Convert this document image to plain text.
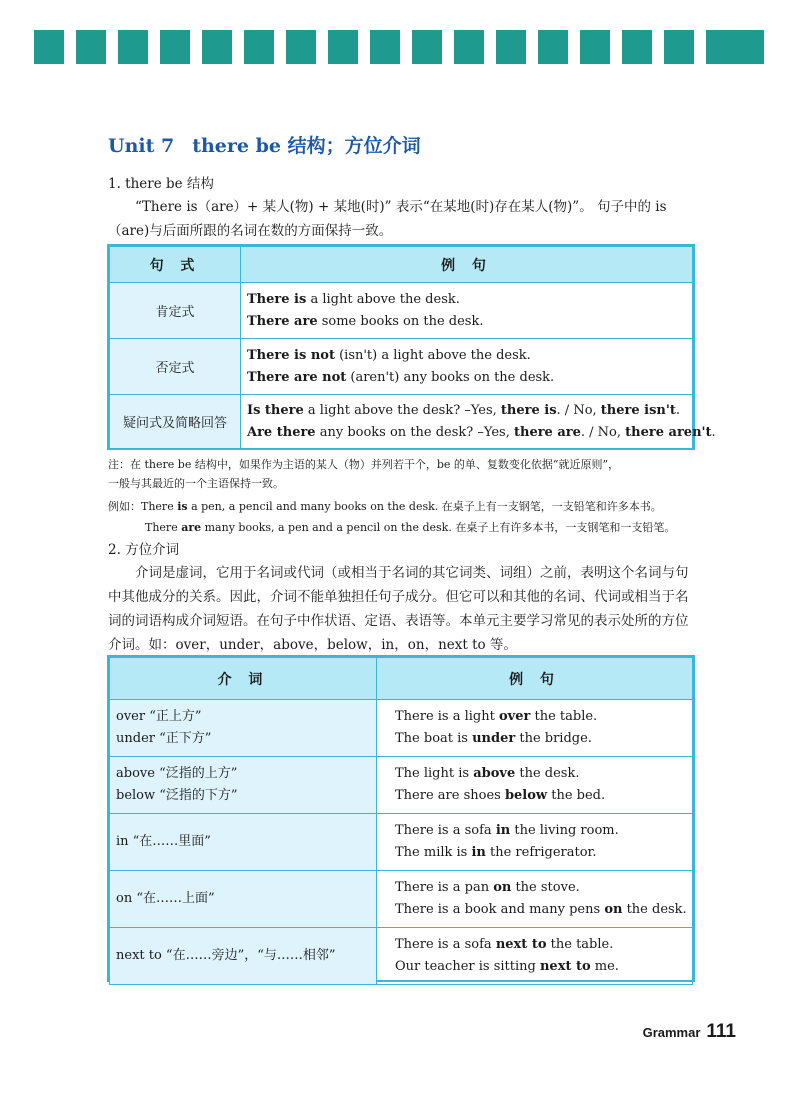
Unit 7 there be 结构；方位介词
1. there be 结构
“There is（are）+ 某人(物) + 某地(时)” 表示“在某地(时)存在某人(物)”。 句子中的 is（are)与后面所跟的名词在数的方面保持一致。
句 式	例 句
肯定式	There is a light above the desk.
There are some books on the desk.

否定式	There is not (isn't) a light above the desk.
There are not (aren't) any books on the desk.

疑问式及简略回答	Is there a light above the desk? –Yes, there is. / No, there isn't.
Are there any books on the desk? –Yes, there are. / No, there aren't.
注：在 there be 结构中，如果作为主语的某人（物）并列若干个，be 的单、复数变化依据“就近原则”，
一般与其最近的一个主语保持一致。
例如：There is a pen, a pencil and many books on the desk. 在桌子上有一支钢笔，一支铅笔和许多本书。
There are many books, a pen and a pencil on the desk. 在桌子上有许多本书，一支钢笔和一支铅笔。
2. 方位介词
介词是虚词，它用于名词或代词（或相当于名词的其它词类、词组）之前，表明这个名词与句中其他成分的关系。因此，介词不能单独担任句子成分。但它可以和其他的名词、代词或相当于名词的词语构成介词短语。在句子中作状语、定语、表语等。本单元主要学习常见的表示处所的方位介词。如：over，under，above，below，in，on，next to 等。
介 词	例 句

over “正上方”
under “正下方”	There is a light over the table.
The boat is under the bridge.

above “泛指的上方”
below “泛指的下方”	The light is above the desk.
There are shoes below the bed.

in “在……里面”	There is a sofa in the living room.
The milk is in the refrigerator.

on “在……上面”	There is a pan on the stove.
There is a book and many pens on the desk.

next to “在……旁边”，“与……相邻”	There is a sofa next to the table.
Our teacher is sitting next to me.
Grammar 111
